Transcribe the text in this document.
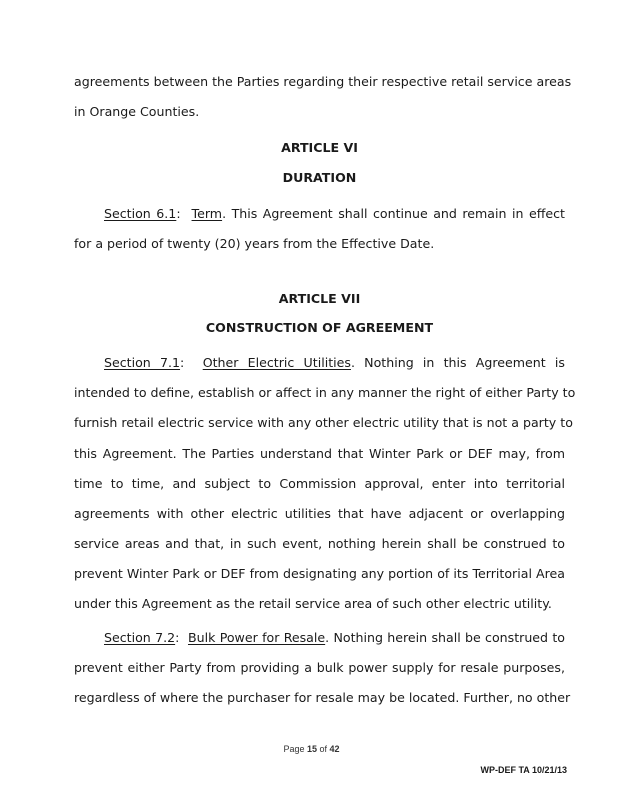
agreements between the Parties regarding their respective retail service areas
in Orange Counties.
ARTICLE VI
DURATION
Section 6.1: Term. This Agreement shall continue and remain in effect
for a period of twenty (20) years from the Effective Date.
ARTICLE VII
CONSTRUCTION OF AGREEMENT
Section 7.1: Other Electric Utilities. Nothing in this Agreement is
intended to define, establish or affect in any manner the right of either Party to
furnish retail electric service with any other electric utility that is not a party to
this Agreement. The Parties understand that Winter Park or DEF may, from
time to time, and subject to Commission approval, enter into territorial
agreements with other electric utilities that have adjacent or overlapping
service areas and that, in such event, nothing herein shall be construed to
prevent Winter Park or DEF from designating any portion of its Territorial Area
under this Agreement as the retail service area of such other electric utility.
Section 7.2: Bulk Power for Resale. Nothing herein shall be construed to
prevent either Party from providing a bulk power supply for resale purposes,
regardless of where the purchaser for resale may be located. Further, no other
Page 15 of 42
WP-DEF TA 10/21/13
